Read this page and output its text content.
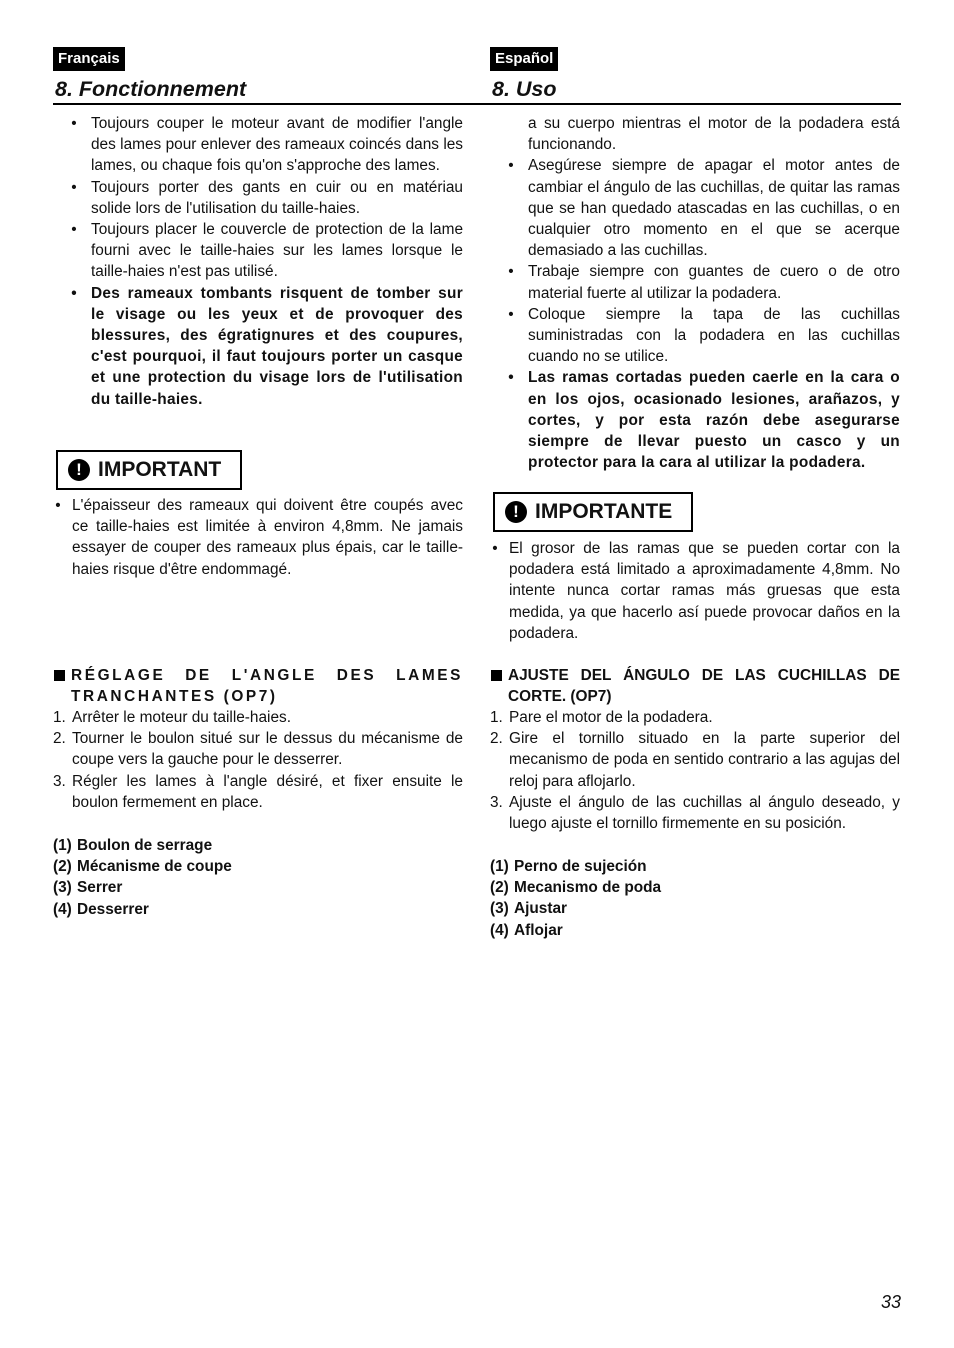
Français	Español
8. Fonctionnement	8. Uso
• Toujours couper le moteur avant de modifier l'angle des lames pour enlever des rameaux coincés dans les lames, ou chaque fois qu'on s'approche des lames.
• Toujours porter des gants en cuir ou en matériau solide lors de l'utilisation du taille-haies.
• Toujours placer le couvercle de protection de la lame fourni avec le taille-haies sur les lames lorsque le taille-haies n'est pas utilisé.
• Des rameaux tombants risquent de tomber sur le visage ou les yeux et de provoquer des blessures, des égratignures et des coupures, c'est pourquoi, il faut toujours porter un casque et une protection du visage lors de l'utilisation du taille-haies.
! IMPORTANT
• L'épaisseur des rameaux qui doivent être coupés avec ce taille-haies est limitée à environ 4,8mm. Ne jamais essayer de couper des rameaux plus épais, car le taille-haies risque d'être endommagé.
RÉGLAGE DE L'ANGLE DES LAMES TRANCHANTES (OP7)
1. Arrêter le moteur du taille-haies.
2. Tourner le boulon situé sur le dessus du mécanisme de coupe vers la gauche pour le desserrer.
3. Régler les lames à l'angle désiré, et fixer ensuite le boulon fermement en place.
(1) Boulon de serrage
(2) Mécanisme de coupe
(3) Serrer
(4) Desserrer
a su cuerpo mientras el motor de la podadera está funcionando.
• Asegúrese siempre de apagar el motor antes de cambiar el ángulo de las cuchillas, de quitar las ramas que se han quedado atascadas en las cuchillas, o en cualquier otro momento en el que se acerque demasiado a las cuchillas.
• Trabaje siempre con guantes de cuero o de otro material fuerte al utilizar la podadera.
• Coloque siempre la tapa de las cuchillas suministradas con la podadera en las cuchillas cuando no se utilice.
• Las ramas cortadas pueden caerle en la cara o en los ojos, ocasionado lesiones, arañazos, y cortes, y por esta razón debe asegurarse siempre de llevar puesto un casco y un protector para la cara al utilizar la podadera.
! IMPORTANTE
• El grosor de las ramas que se pueden cortar con la podadera está limitado a aproximadamente 4,8mm. No intente nunca cortar ramas más gruesas que esta medida, ya que hacerlo así puede provocar daños en la podadera.
AJUSTE DEL ÁNGULO DE LAS CUCHILLAS DE CORTE. (OP7)
1. Pare el motor de la podadera.
2. Gire el tornillo situado en la parte superior del mecanismo de poda en sentido contrario a las agujas del reloj para aflojarlo.
3. Ajuste el ángulo de las cuchillas al ángulo deseado, y luego ajuste el tornillo firmemente en su posición.
(1) Perno de sujeción
(2) Mecanismo de poda
(3) Ajustar
(4) Aflojar
33
